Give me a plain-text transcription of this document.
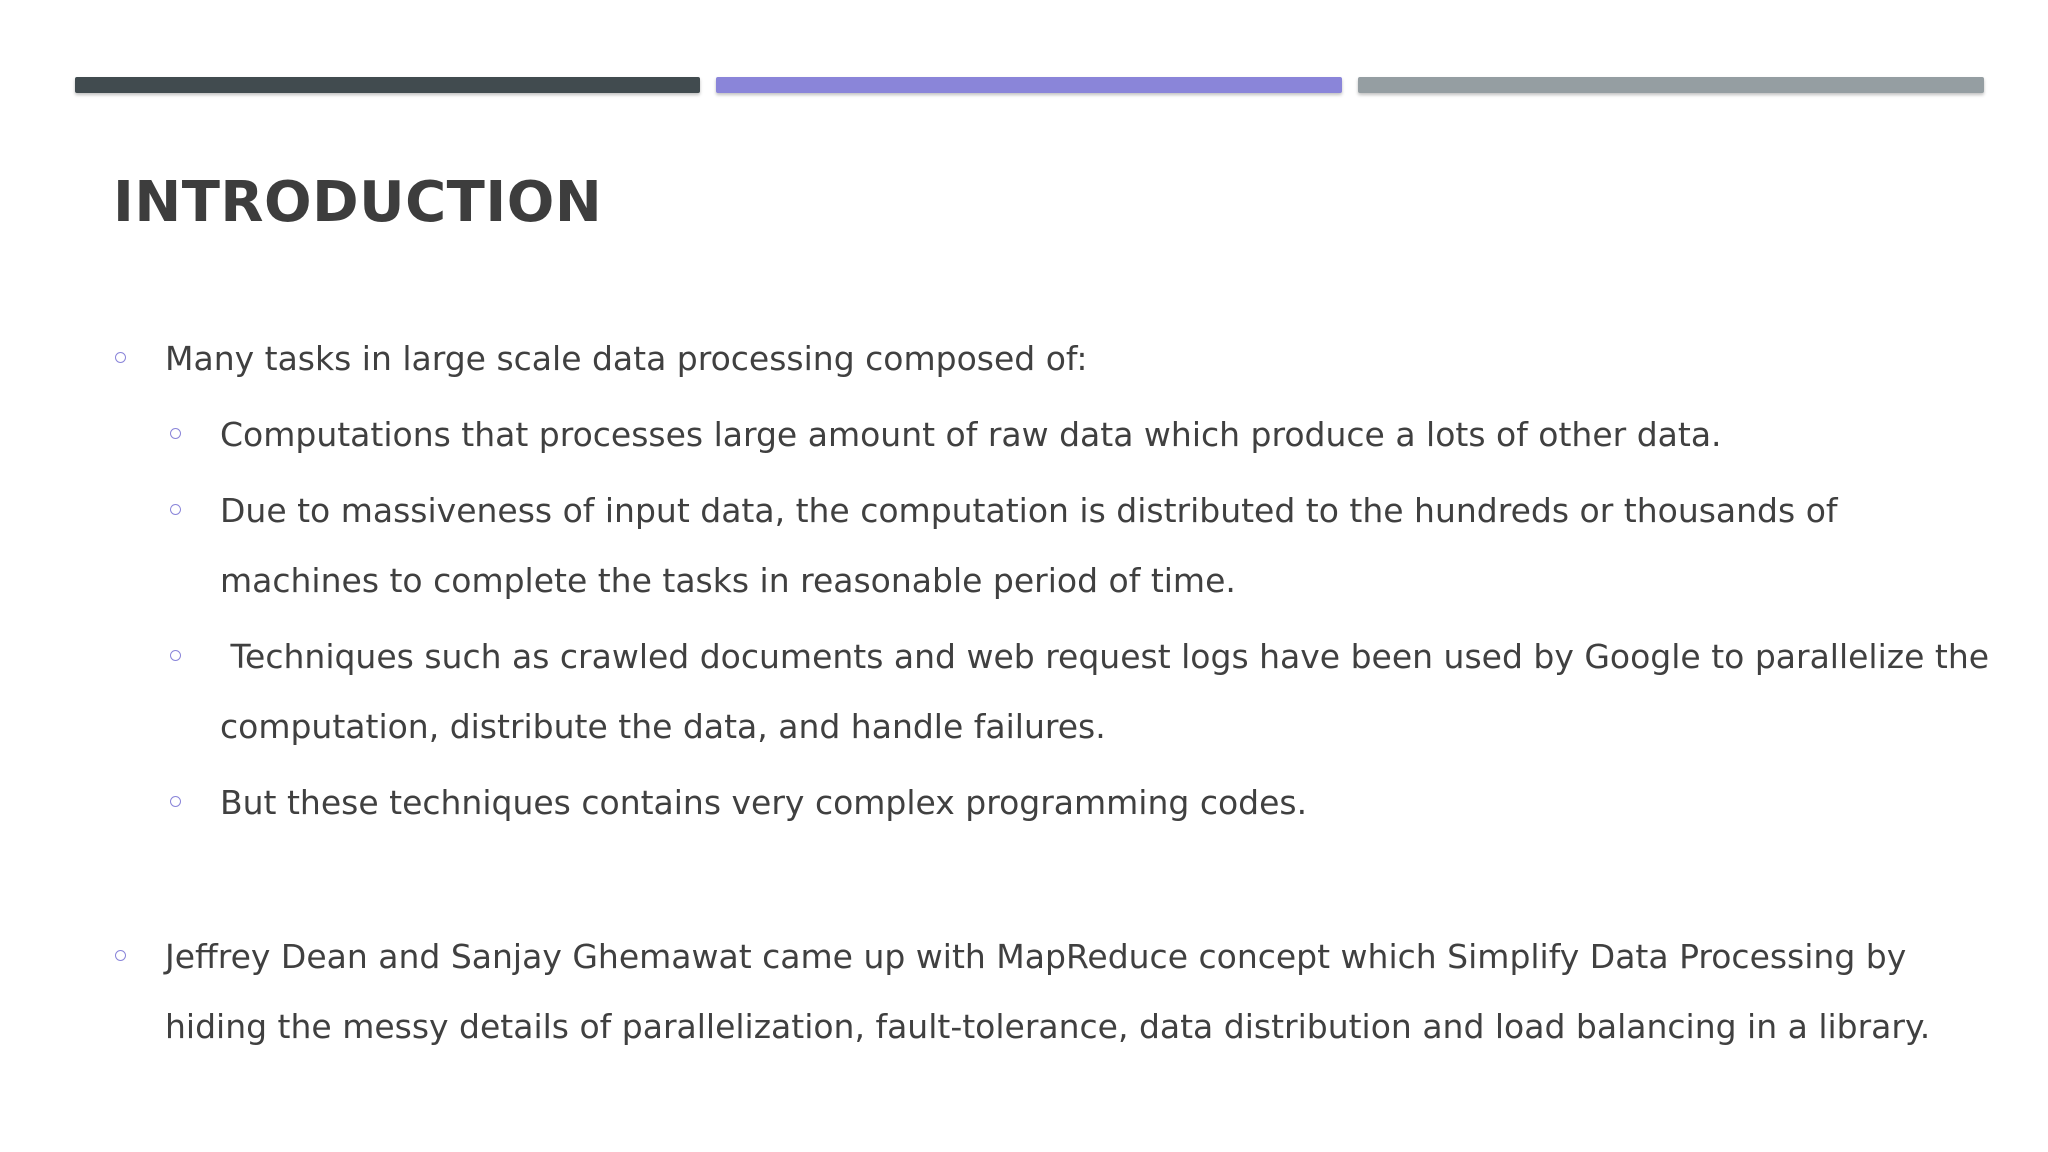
INTRODUCTION
Many tasks in large scale data processing composed of:
Computations that processes large amount of raw data which produce a lots of other data.
Due to massiveness of input data, the computation is distributed to the hundreds or thousands of
machines to complete the tasks in reasonable period of time.
Techniques such as crawled documents and web request logs have been used by Google to parallelize the
computation, distribute the data, and handle failures.
But these techniques contains very complex programming codes.
Jeffrey Dean and Sanjay Ghemawat came up with MapReduce concept which Simplify Data Processing by
hiding the messy details of parallelization, fault-tolerance, data distribution and load balancing in a library.
